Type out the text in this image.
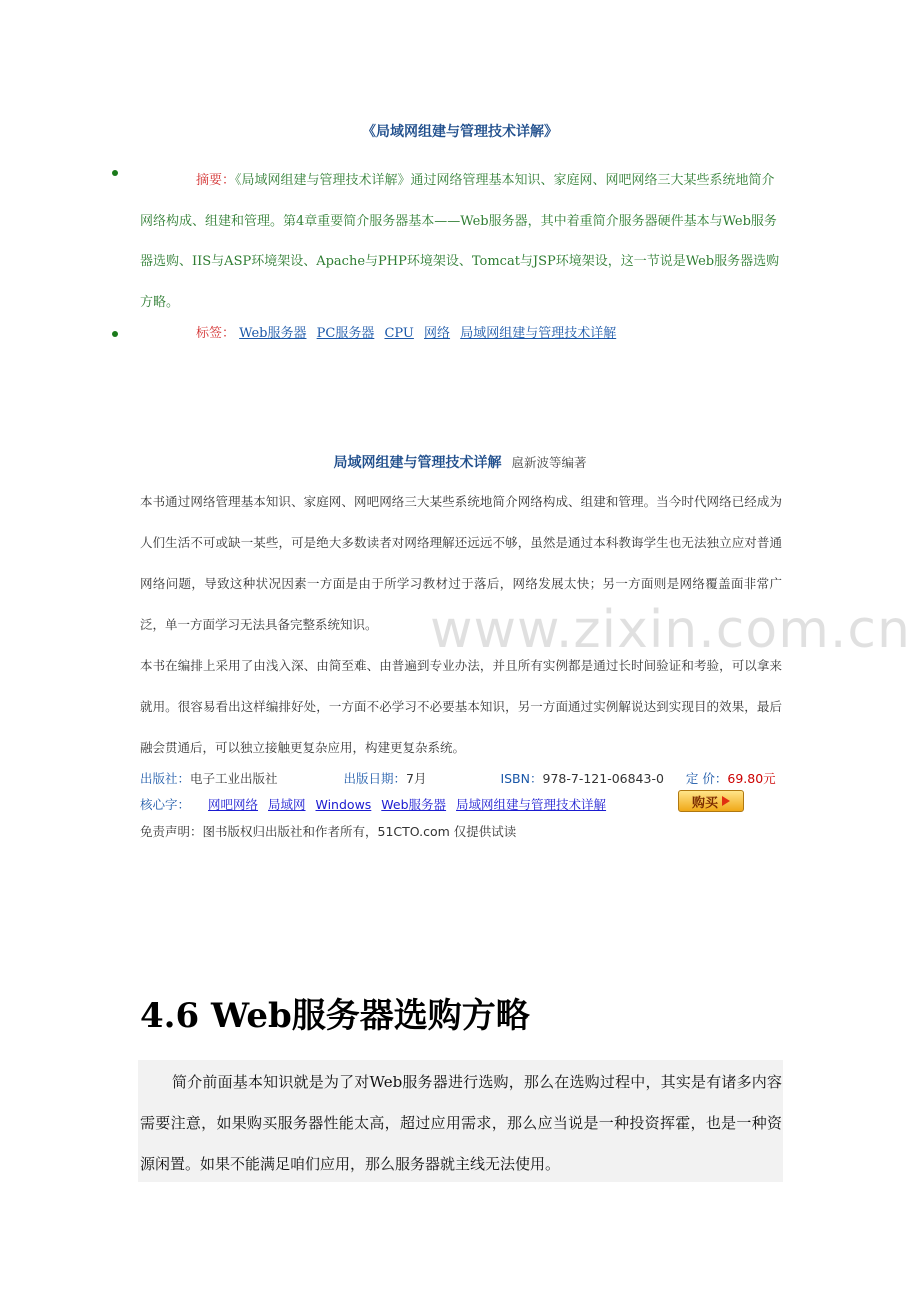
《局域网组建与管理技术详解》
摘要：《局域网组建与管理技术详解》通过网络管理基本知识、家庭网、网吧网络三大某些系统地简介网络构成、组建和管理。第4章重要简介服务器基本——Web服务器，其中着重简介服务器硬件基本与Web服务器选购、IIS与ASP环境架设、Apache与PHP环境架设、Tomcat与JSP环境架设，这一节说是Web服务器选购方略。
标签： Web服务器 PC服务器 CPU 网络 局域网组建与管理技术详解
局域网组建与管理技术详解 扈新波等编著
本书通过网络管理基本知识、家庭网、网吧网络三大某些系统地简介网络构成、组建和管理。当今时代网络已经成为人们生活不可或缺一某些，可是绝大多数读者对网络理解还远远不够，虽然是通过本科教诲学生也无法独立应对普通网络问题，导致这种状况因素一方面是由于所学习教材过于落后，网络发展太快；另一方面则是网络覆盖面非常广泛，单一方面学习无法具备完整系统知识。
本书在编排上采用了由浅入深、由简至难、由普遍到专业办法，并且所有实例都是通过长时间验证和考验，可以拿来就用。很容易看出这样编排好处，一方面不必学习不必要基本知识，另一方面通过实例解说达到实现目的效果，最后融会贯通后，可以独立接触更复杂应用，构建更复杂系统。
www.zixin.com.cn
出版社：电子工业出版社	出版日期：7月	ISBN：978-7-121-06843-0 定 价：69.80元
核心字： 网吧网络 局域网 Windows Web服务器 局域网组建与管理技术详解	购买
免责声明：图书版权归出版社和作者所有，51CTO.com 仅提供试读
4.6 Web服务器选购方略
简介前面基本知识就是为了对Web服务器进行选购，那么在选购过程中，其实是有诸多内容需要注意，如果购买服务器性能太高，超过应用需求，那么应当说是一种投资挥霍，也是一种资源闲置。如果不能满足咱们应用，那么服务器就主线无法使用。
